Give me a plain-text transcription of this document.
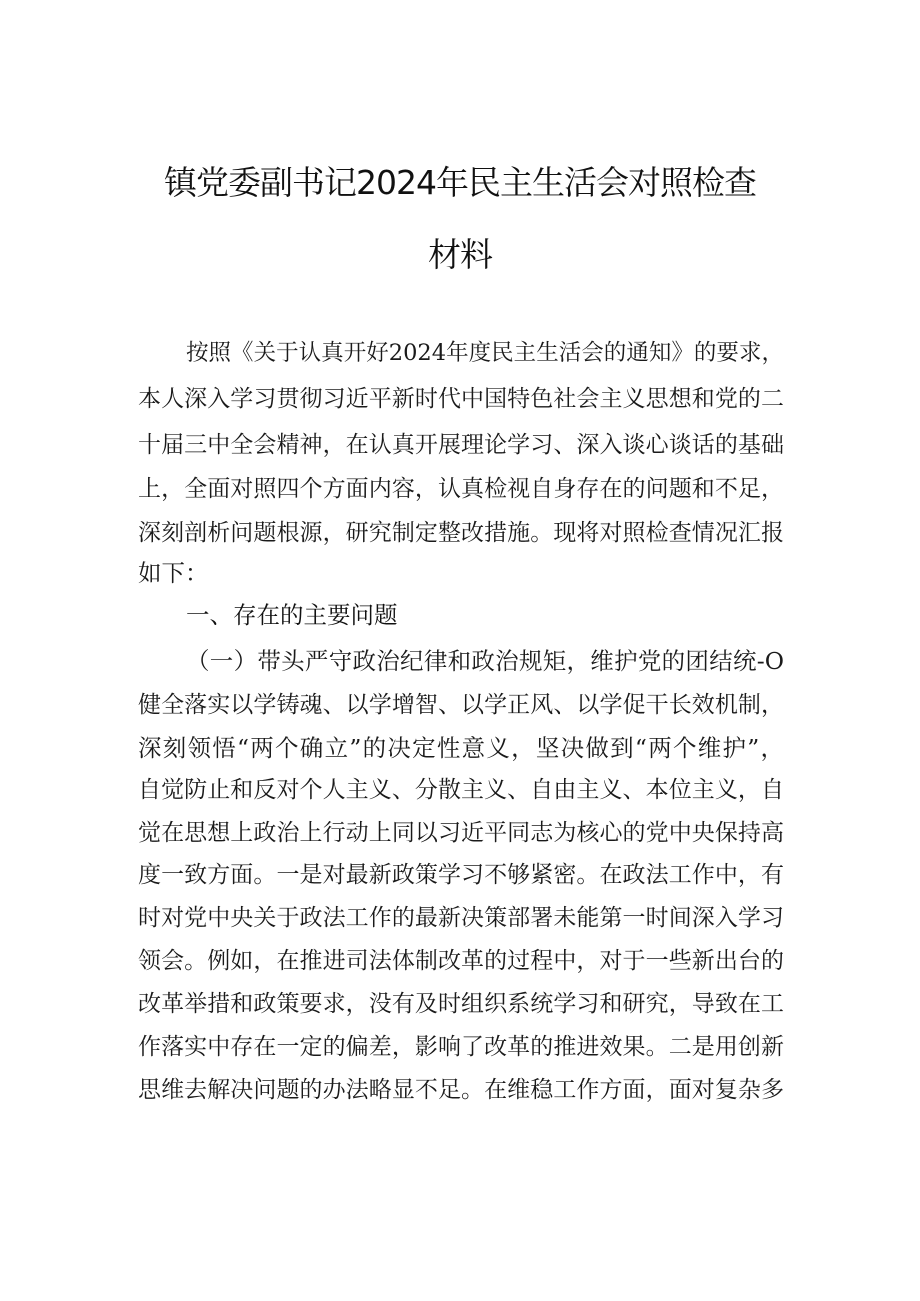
镇党委副书记2024年民主生活会对照检查
材料
按照《关于认真开好2024年度民主生活会的通知》的要求，
本人深入学习贯彻习近平新时代中国特色社会主义思想和党的二
十届三中全会精神，在认真开展理论学习、深入谈心谈话的基础
上，全面对照四个方面内容，认真检视自身存在的问题和不足，
深刻剖析问题根源，研究制定整改措施。现将对照检查情况汇报
如下：
一、存在的主要问题
（一）带头严守政治纪律和政治规矩，维护党的团结统-O
健全落实以学铸魂、以学增智、以学正风、以学促干长效机制，
深刻领悟“两个确立”的决定性意义，坚决做到“两个维护”，
自觉防止和反对个人主义、分散主义、自由主义、本位主义，自
觉在思想上政治上行动上同以习近平同志为核心的党中央保持高
度一致方面。一是对最新政策学习不够紧密。在政法工作中，有
时对党中央关于政法工作的最新决策部署未能第一时间深入学习
领会。例如，在推进司法体制改革的过程中，对于一些新出台的
改革举措和政策要求，没有及时组织系统学习和研究，导致在工
作落实中存在一定的偏差，影响了改革的推进效果。二是用创新
思维去解决问题的办法略显不足。在维稳工作方面，面对复杂多
